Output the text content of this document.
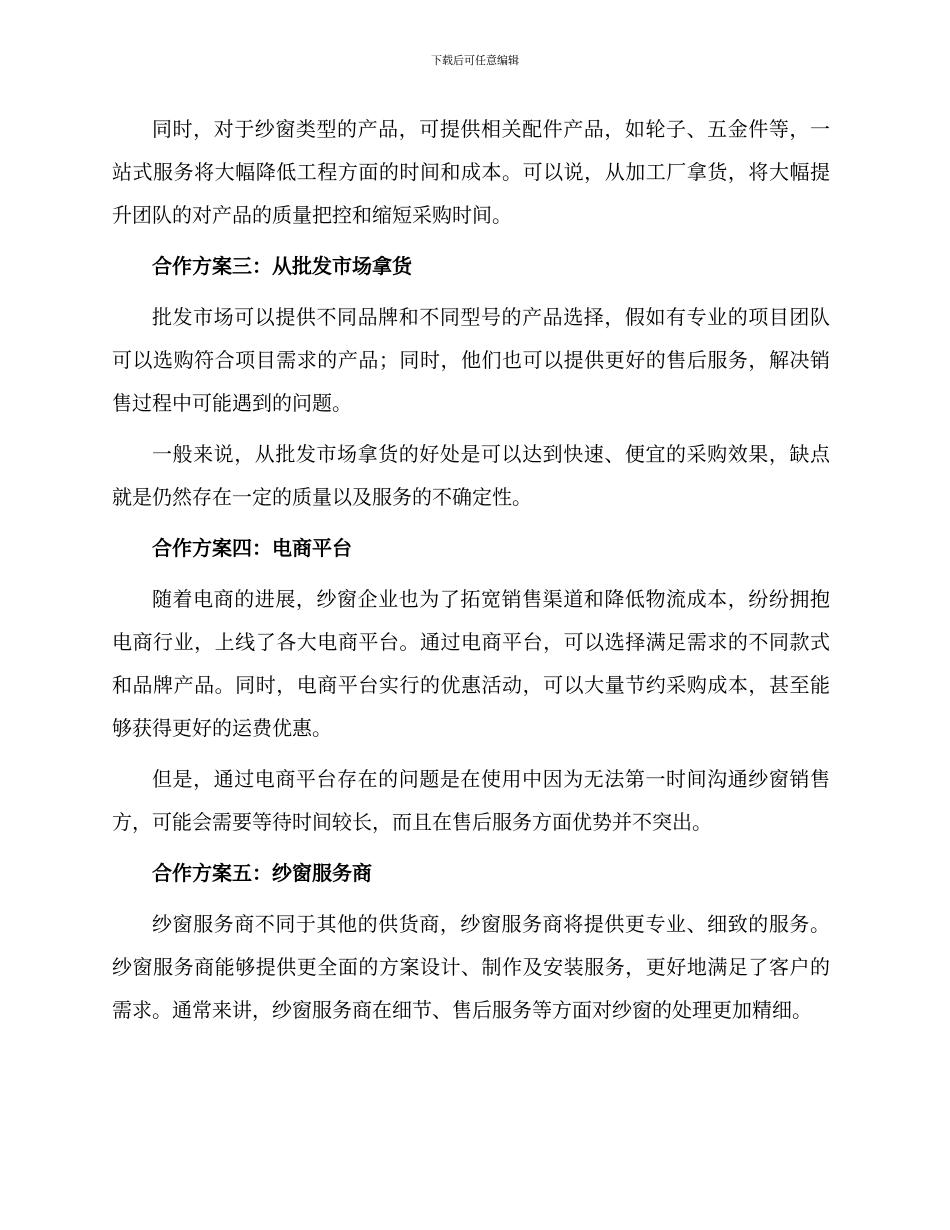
下载后可任意编辑

同时，对于纱窗类型的产品，可提供相关配件产品，如轮子、五金件等，一站式服务将大幅降低工程方面的时间和成本。可以说，从加工厂拿货，将大幅提升团队的对产品的质量把控和缩短采购时间。

合作方案三：从批发市场拿货

批发市场可以提供不同品牌和不同型号的产品选择，假如有专业的项目团队可以选购符合项目需求的产品；同时，他们也可以提供更好的售后服务，解决销售过程中可能遇到的问题。

一般来说，从批发市场拿货的好处是可以达到快速、便宜的采购效果，缺点就是仍然存在一定的质量以及服务的不确定性。

合作方案四：电商平台

随着电商的进展，纱窗企业也为了拓宽销售渠道和降低物流成本，纷纷拥抱电商行业，上线了各大电商平台。通过电商平台，可以选择满足需求的不同款式和品牌产品。同时，电商平台实行的优惠活动，可以大量节约采购成本，甚至能够获得更好的运费优惠。

但是，通过电商平台存在的问题是在使用中因为无法第一时间沟通纱窗销售方，可能会需要等待时间较长，而且在售后服务方面优势并不突出。

合作方案五：纱窗服务商

纱窗服务商不同于其他的供货商，纱窗服务商将提供更专业、细致的服务。纱窗服务商能够提供更全面的方案设计、制作及安装服务，更好地满足了客户的需求。通常来讲，纱窗服务商在细节、售后服务等方面对纱窗的处理更加精细。
